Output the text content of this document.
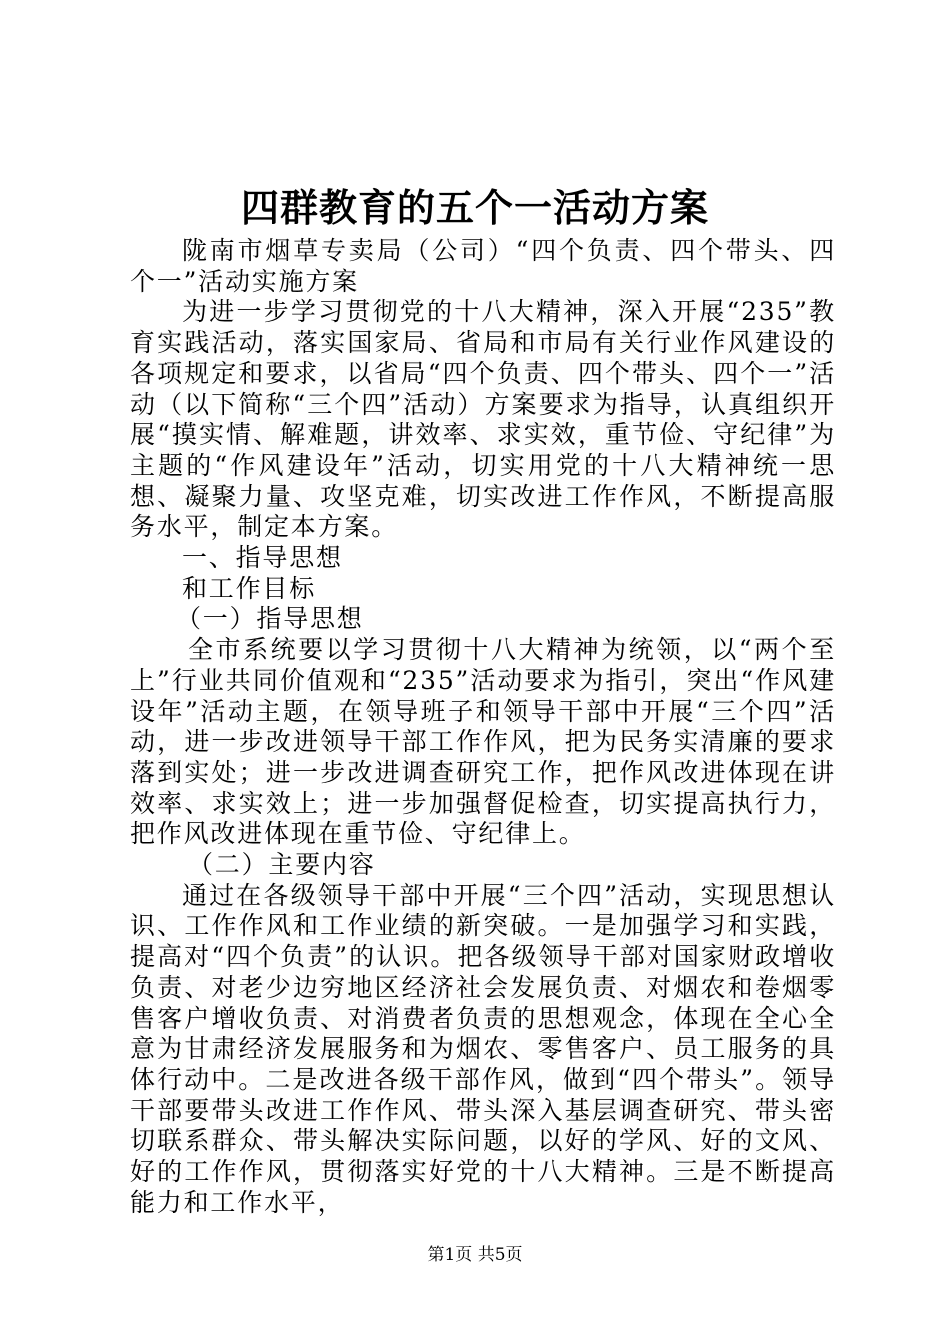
四群教育的五个一活动方案

陇南市烟草专卖局（公司）“四个负责、四个带头、四个一”活动实施方案

为进一步学习贯彻党的十八大精神，深入开展“235”教育实践活动，落实国家局、省局和市局有关行业作风建设的各项规定和要求，以省局“四个负责、四个带头、四个一”活动（以下简称“三个四”活动）方案要求为指导，认真组织开展“摸实情、解难题，讲效率、求实效，重节俭、守纪律”为主题的“作风建设年”活动，切实用党的十八大精神统一思想、凝聚力量、攻坚克难，切实改进工作作风，不断提高服务水平，制定本方案。

一、指导思想

和工作目标

（一）指导思想

全市系统要以学习贯彻十八大精神为统领，以“两个至上”行业共同价值观和“235”活动要求为指引，突出“作风建设年”活动主题，在领导班子和领导干部中开展“三个四”活动，进一步改进领导干部工作作风，把为民务实清廉的要求落到实处；进一步改进调查研究工作，把作风改进体现在讲效率、求实效上；进一步加强督促检查，切实提高执行力，把作风改进体现在重节俭、守纪律上。

（二）主要内容

通过在各级领导干部中开展“三个四”活动，实现思想认识、工作作风和工作业绩的新突破。一是加强学习和实践，提高对“四个负责”的认识。把各级领导干部对国家财政增收负责、对老少边穷地区经济社会发展负责、对烟农和卷烟零售客户增收负责、对消费者负责的思想观念，体现在全心全意为甘肃经济发展服务和为烟农、零售客户、员工服务的具体行动中。二是改进各级干部作风，做到“四个带头”。领导干部要带头改进工作作风、带头深入基层调查研究、带头密切联系群众、带头解决实际问题，以好的学风、好的文风、好的工作作风，贯彻落实好党的十八大精神。三是不断提高能力和工作水平，

第1页 共5页
